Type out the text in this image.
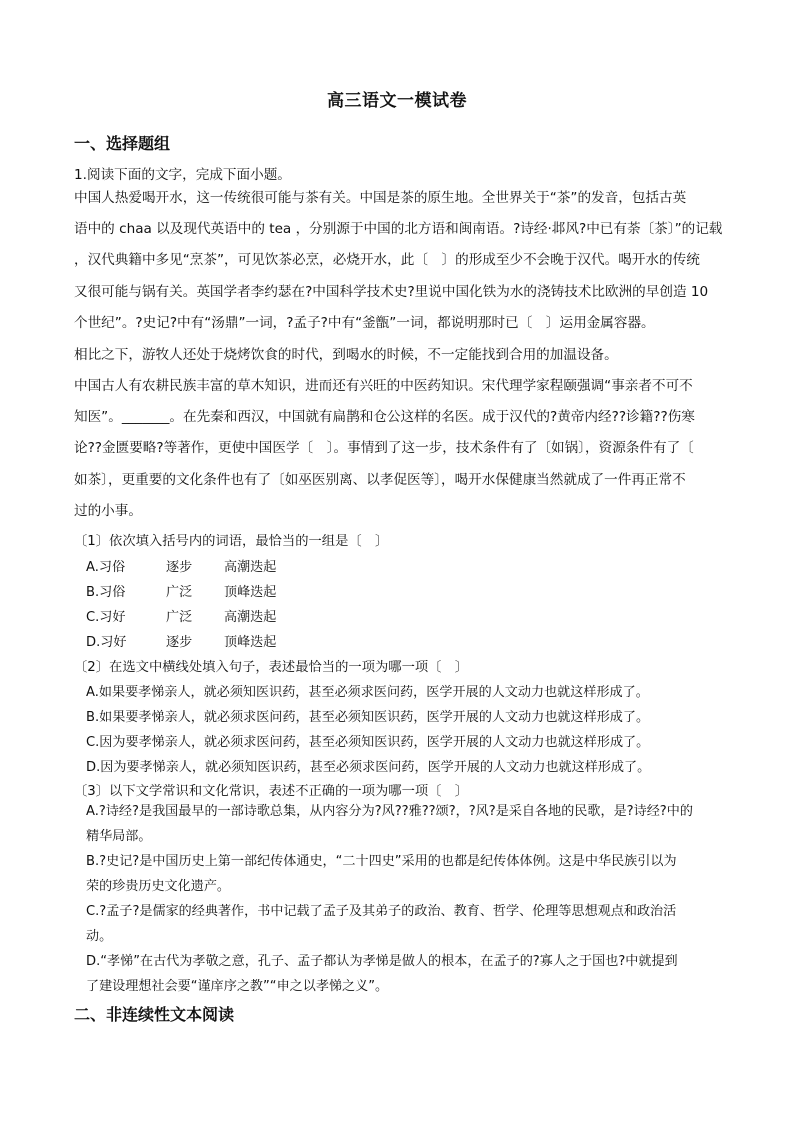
高三语文一模试卷
一、选择题组
1.阅读下面的文字，完成下面小题。
中国人热爱喝开水，这一传统很可能与茶有关。中国是茶的原生地。全世界关于“茶”的发音，包括古英
语中的 chaa 以及现代英语中的 tea ，分别源于中国的北方语和闽南语。?诗经·邶风?中已有荼〔茶〕”的记载
，汉代典籍中多见“烹茶”，可见饮茶必烹，必烧开水，此〔　〕的形成至少不会晚于汉代。喝开水的传统
又很可能与锅有关。英国学者李约瑟在?中国科学技术史?里说中国化铁为水的浇铸技术比欧洲的早创造 10
个世纪”。?史记?中有“汤鼎”一词，?孟子?中有“釜甑”一词，都说明那时已〔　〕运用金属容器。
相比之下，游牧人还处于烧烤饮食的时代，到喝水的时候，不一定能找到合用的加温设备。
中国古人有农耕民族丰富的草木知识，进而还有兴旺的中医药知识。宋代理学家程颐强调“事亲者不可不
知医”。_______。在先秦和西汉，中国就有扁鹊和仓公这样的名医。成于汉代的?黄帝内经??诊籍??伤寒
论??金匮要略?等著作，更使中国医学〔　〕。事情到了这一步，技术条件有了〔如锅〕，资源条件有了〔
如茶〕，更重要的文化条件也有了〔如巫医别离、以孝促医等〕，喝开水保健康当然就成了一件再正常不
过的小事。
〔1〕依次填入括号内的词语，最恰当的一组是〔　〕
A.习俗	逐步 高潮迭起
B.习俗	广泛 顶峰迭起
C.习好	广泛 高潮迭起
D.习好	逐步 顶峰迭起
〔2〕在选文中横线处填入句子，表述最恰当的一项为哪一项〔　〕
A.如果要孝悌亲人，就必须知医识药，甚至必须求医问药，医学开展的人文动力也就这样形成了。
B.如果要孝悌亲人，就必须求医问药，甚至必须知医识药，医学开展的人文动力也就这样形成了。
C.因为要孝悌亲人，就必须求医问药，甚至必须知医识药，医学开展的人文动力也就这样形成了。
D.因为要孝悌亲人，就必须知医识药，甚至必须求医问药，医学开展的人文动力也就这样形成了。
〔3〕以下文学常识和文化常识，表述不正确的一项为哪一项〔　〕
A.?诗经?是我国最早的一部诗歌总集，从内容分为?风??雅??颂?，?风?是采自各地的民歌，是?诗经?中的
精华局部。
B.?史记?是中国历史上第一部纪传体通史，“二十四史”采用的也都是纪传体体例。这是中华民族引以为
荣的珍贵历史文化遗产。
C.?孟子?是儒家的经典著作，书中记载了孟子及其弟子的政治、教育、哲学、伦理等思想观点和政治活
动。
D.“孝悌”在古代为孝敬之意，孔子、孟子都认为孝悌是做人的根本，在孟子的?寡人之于国也?中就提到
了建设理想社会要“谨庠序之教”“申之以孝悌之义”。
二、非连续性文本阅读
